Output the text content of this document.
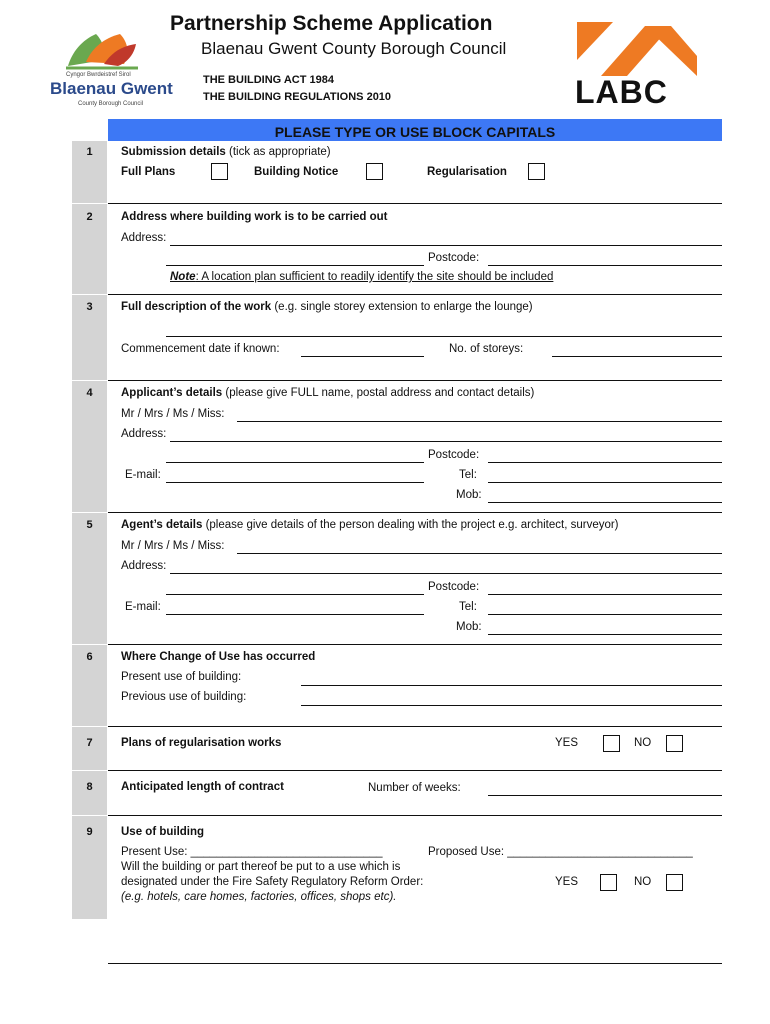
Cyngor Bwrdeistref Sirol
Blaenau Gwent
County Borough Council
Partnership Scheme Application
Blaenau Gwent County Borough Council
THE BUILDING ACT 1984
THE BUILDING REGULATIONS 2010	LABC
PLEASE TYPE OR USE BLOCK CAPITALS
1	Submission details (tick as appropriate)
Full Plans	Building Notice	Regularisation
2	Address where building work is to be carried out
Address:
Postcode:
Note: A location plan sufficient to readily identify the site should be included
3	Full description of the work (e.g. single storey extension to enlarge the lounge)
Commencement date if known:	No. of storeys:
4	Applicant’s details (please give FULL name, postal address and contact details)
Mr / Mrs / Ms / Miss:
Address:
Postcode:
E-mail:	Tel:
Mob:
5	Agent’s details (please give details of the person dealing with the project e.g. architect, surveyor)
Mr / Mrs / Ms / Miss:
Address:
Postcode:
E-mail:	Tel:
Mob:
6	Where Change of Use has occurred
Present use of building:
Previous use of building:
7	Plans of regularisation works	YES	NO
8	Anticipated length of contract	Number of weeks:
9	Use of building
Present Use: ______________________________	Proposed Use: _____________________________
Will the building or part thereof be put to a use which is
designated under the Fire Safety Regulatory Reform Order:
(e.g. hotels, care homes, factories, offices, shops etc).
YES	NO
